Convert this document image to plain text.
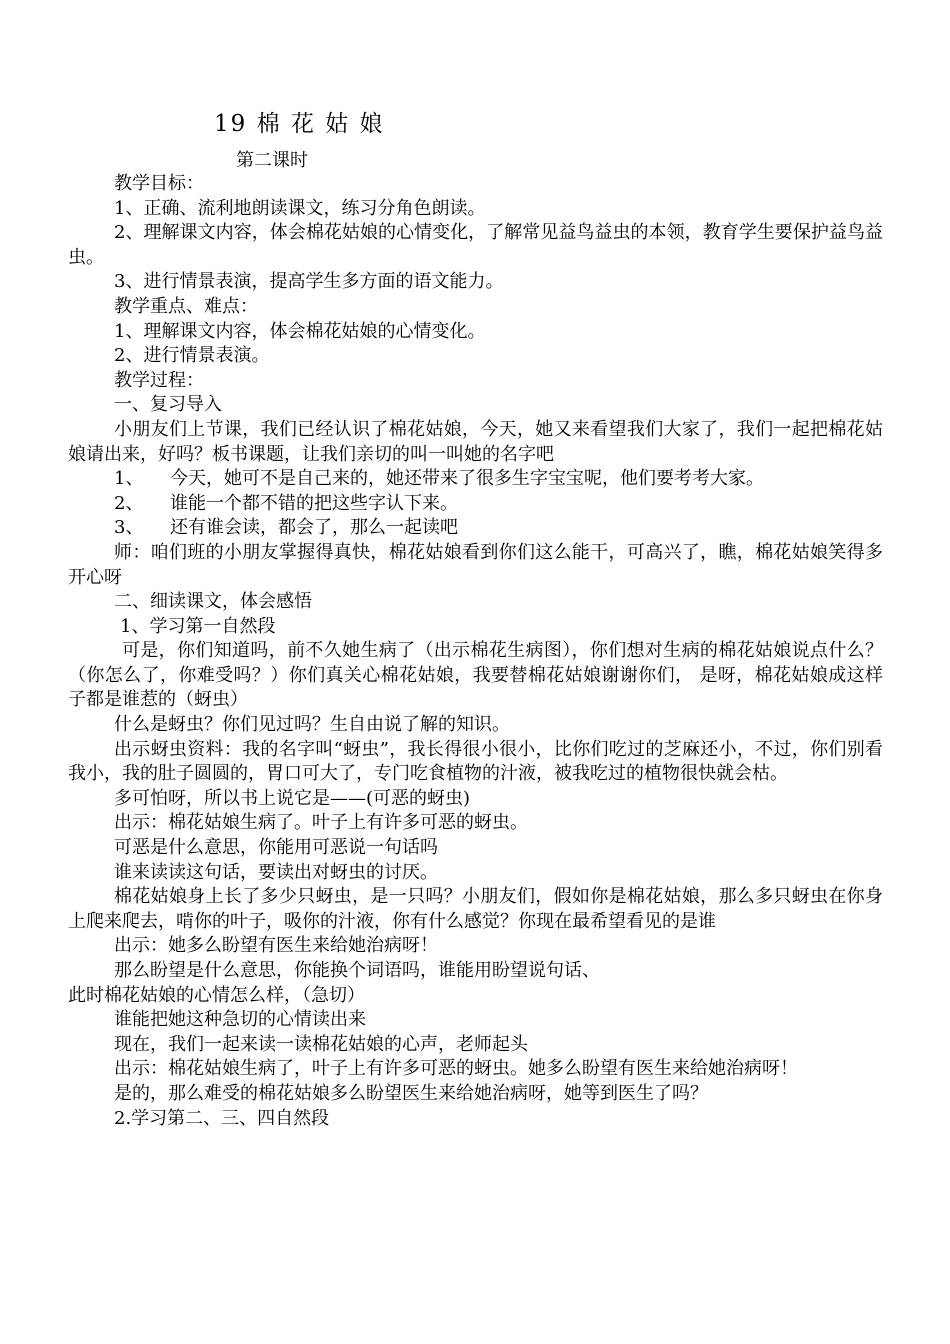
19 棉 花 姑 娘
第二课时

教学目标：

1、正确、流利地朗读课文，练习分角色朗读。

2、理解课文内容，体会棉花姑娘的心情变化，了解常见益鸟益虫的本领，教育学生要保护益鸟益虫。

3、进行情景表演，提高学生多方面的语文能力。

教学重点、难点：

1、理解课文内容，体会棉花姑娘的心情变化。

2、进行情景表演。

教学过程：

一、复习导入

小朋友们上节课，我们已经认识了棉花姑娘，今天，她又来看望我们大家了，我们一起把棉花姑娘请出来，好吗？板书课题，让我们亲切的叫一叫她的名字吧

1、	今天，她可不是自己来的，她还带来了很多生字宝宝呢，他们要考考大家。
2、	谁能一个都不错的把这些字认下来。
3、	还有谁会读，都会了，那么一起读吧

师：咱们班的小朋友掌握得真快，棉花姑娘看到你们这么能干，可高兴了，瞧，棉花姑娘笑得多开心呀

二、细读课文，体会感悟

1、学习第一自然段

可是，你们知道吗，前不久她生病了（出示棉花生病图），你们想对生病的棉花姑娘说点什么？（你怎么了，你难受吗？）你们真关心棉花姑娘，我要替棉花姑娘谢谢你们， 是呀，棉花姑娘成这样子都是谁惹的（蚜虫）

什么是蚜虫？你们见过吗？生自由说了解的知识。

出示蚜虫资料：我的名字叫“蚜虫”，我长得很小很小，比你们吃过的芝麻还小，不过，你们别看我小，我的肚子圆圆的，胃口可大了，专门吃食植物的汁液，被我吃过的植物很快就会枯。

多可怕呀，所以书上说它是——(可恶的蚜虫)

出示：棉花姑娘生病了。叶子上有许多可恶的蚜虫。

可恶是什么意思，你能用可恶说一句话吗

谁来读读这句话，要读出对蚜虫的讨厌。

棉花姑娘身上长了多少只蚜虫，是一只吗？小朋友们，假如你是棉花姑娘，那么多只蚜虫在你身上爬来爬去，啃你的叶子，吸你的汁液，你有什么感觉？你现在最希望看见的是谁

出示：她多么盼望有医生来给她治病呀！

那么盼望是什么意思，你能换个词语吗，谁能用盼望说句话、

此时棉花姑娘的心情怎么样，（急切）

谁能把她这种急切的心情读出来

现在，我们一起来读一读棉花姑娘的心声，老师起头

出示：棉花姑娘生病了，叶子上有许多可恶的蚜虫。她多么盼望有医生来给她治病呀！

是的，那么难受的棉花姑娘多么盼望医生来给她治病呀，她等到医生了吗？

2.学习第二、三、四自然段
